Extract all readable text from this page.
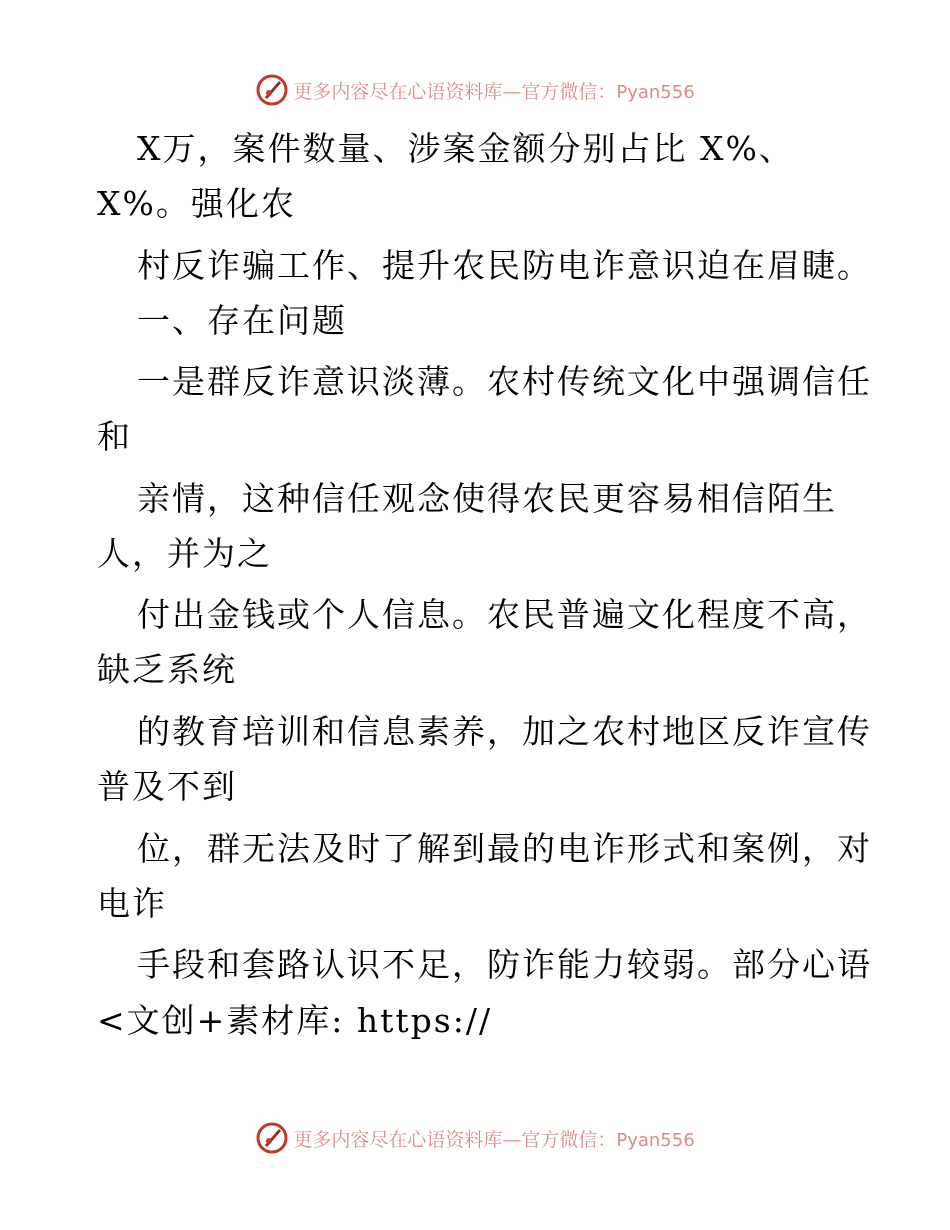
更多内容尽在心语资料库—官方微信：Pyan556
X万，案件数量、涉案金额分别占比 X%、
X%。强化农
村反诈骗工作、提升农民防电诈意识迫在眉睫。
一、存在问题
一是群反诈意识淡薄。农村传统文化中强调信任
和
亲情，这种信任观念使得农民更容易相信陌生
人，并为之
付出金钱或个人信息。农民普遍文化程度不高，
缺乏系统
的教育培训和信息素养，加之农村地区反诈宣传
普及不到
位，群无法及时了解到最的电诈形式和案例，对
电诈
手段和套路认识不足，防诈能力较弱。部分心语
<文创+素材库: https://
更多内容尽在心语资料库—官方微信：Pyan556
